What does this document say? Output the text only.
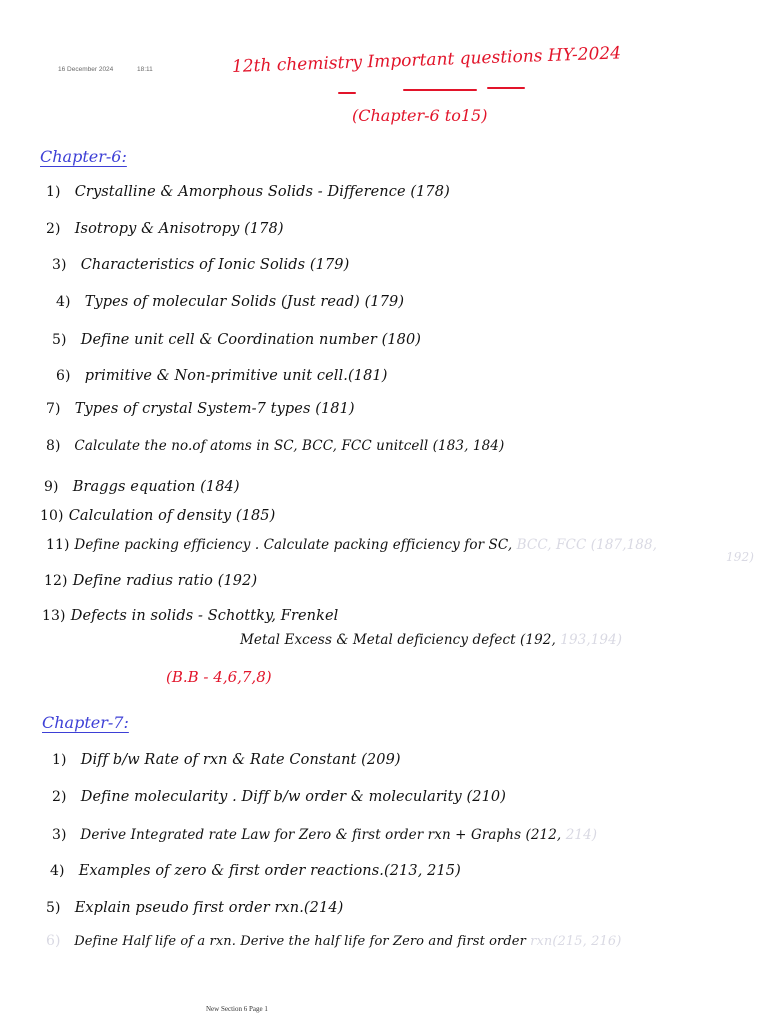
16 December 2024	18:11	12th chemistry Important questions HY-2024
(Chapter-6 to15)
Chapter-6:
1) Crystalline & Amorphous Solids - Difference (178)
2) Isotropy & Anisotropy (178)
3) Characteristics of Ionic Solids (179)
4) Types of molecular Solids (Just read) (179)
5) Define unit cell & Coordination number (180)
6) primitive & Non-primitive unit cell.(181)
7) Types of crystal System-7 types (181)
8) Calculate the no.of atoms in SC, BCC, FCC unitcell (183, 184)
9) Braggs equation (184)
10) Calculation of density (185)
11) Define packing efficiency . Calculate packing efficiency for SC, BCC, FCC (187,188,
192)
12) Define radius ratio (192)
13) Defects in solids - Schottky, Frenkel
Metal Excess & Metal deficiency defect (192, 193,194)
(B.B - 4,6,7,8)
Chapter-7:
1) Diff b/w Rate of rxn & Rate Constant (209)
2) Define molecularity . Diff b/w order & molecularity (210)
3) Derive Integrated rate Law for Zero & first order rxn + Graphs (212, 214)
4) Examples of zero & first order reactions.(213, 215)
5) Explain pseudo first order rxn.(214)
6) Define Half life of a rxn. Derive the half life for Zero and first order rxn(215, 216)
New Section 6 Page 1
